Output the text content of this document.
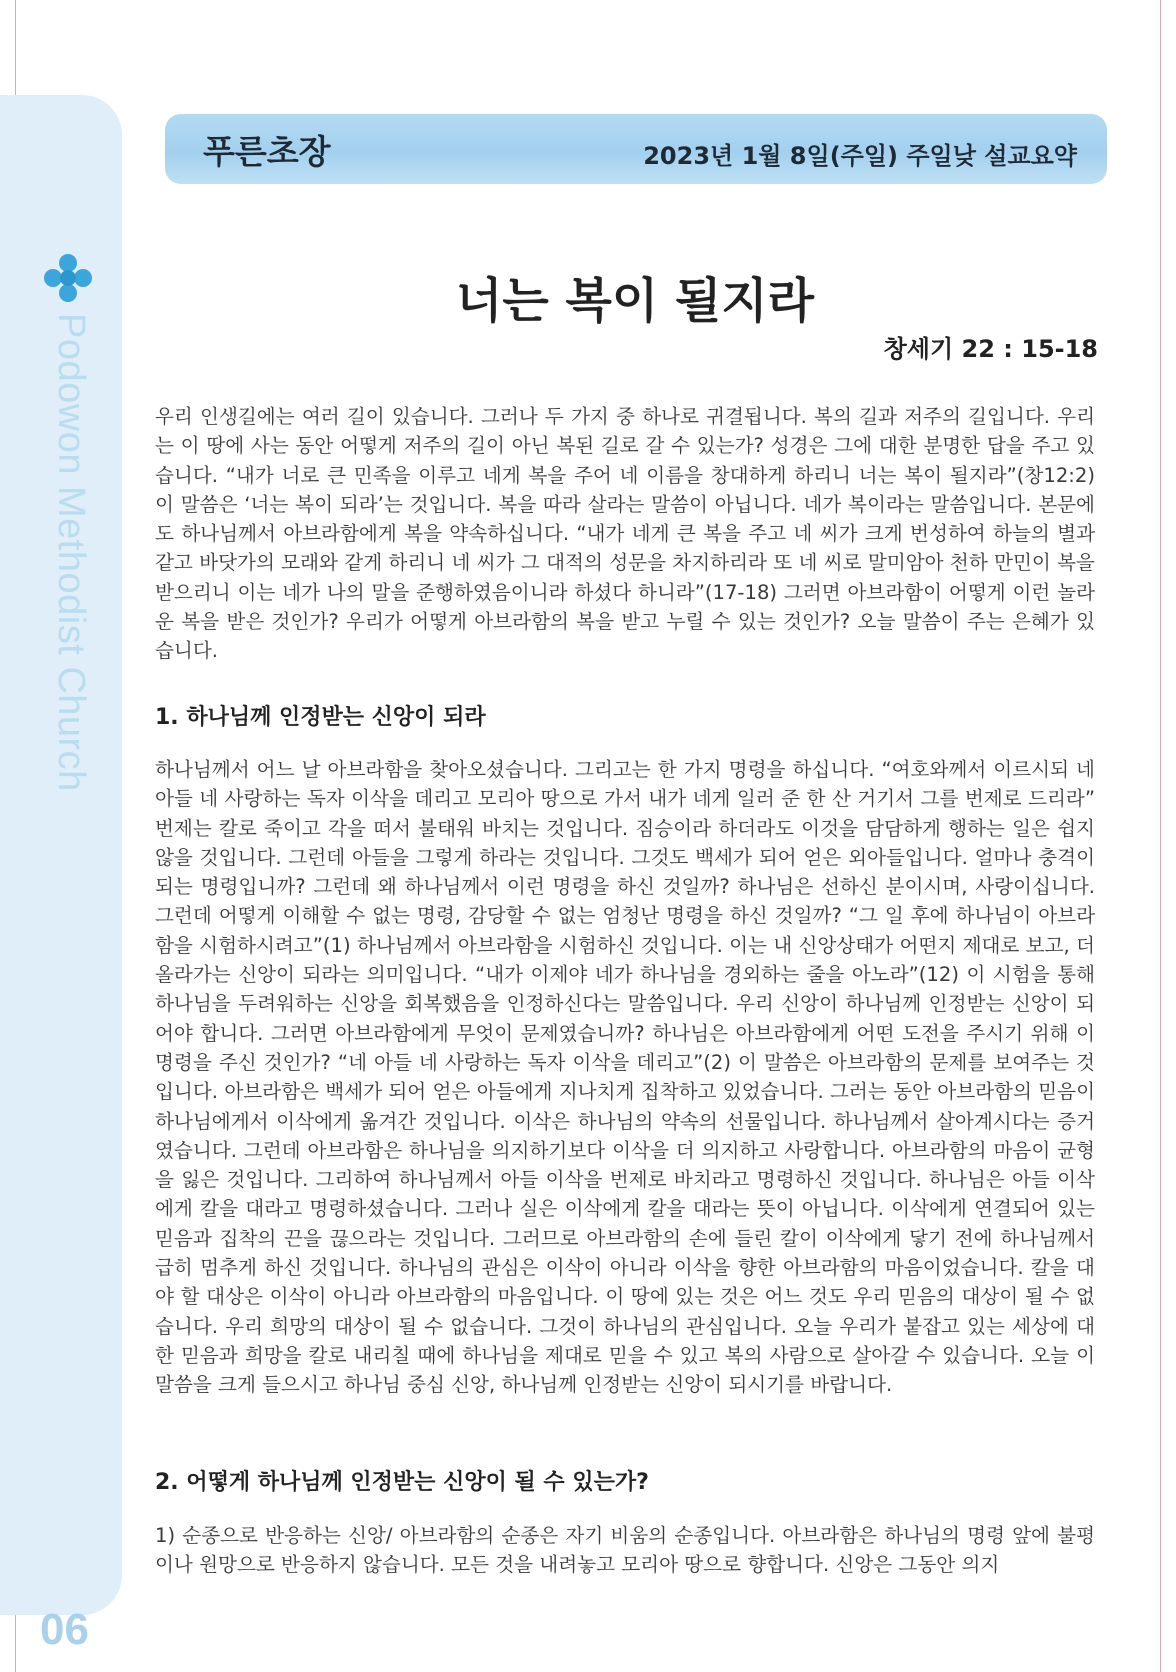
Podowon Methodist Church
06
푸른초장	2023년 1월 8일(주일) 주일낮 설교요약
너는 복이 될지라
창세기 22 : 15-18
우리 인생길에는 여러 길이 있습니다. 그러나 두 가지 중 하나로 귀결됩니다. 복의 길과 저주의 길입니다. 우리는 이 땅에 사는 동안 어떻게 저주의 길이 아닌 복된 길로 갈 수 있는가? 성경은 그에 대한 분명한 답을 주고 있습니다. “내가 너로 큰 민족을 이루고 네게 복을 주어 네 이름을 창대하게 하리니 너는 복이 될지라”(창12:2) 이 말씀은 ‘너는 복이 되라’는 것입니다. 복을 따라 살라는 말씀이 아닙니다. 네가 복이라는 말씀입니다. 본문에도 하나님께서 아브라함에게 복을 약속하십니다. “내가 네게 큰 복을 주고 네 씨가 크게 번성하여 하늘의 별과 같고 바닷가의 모래와 같게 하리니 네 씨가 그 대적의 성문을 차지하리라 또 네 씨로 말미암아 천하 만민이 복을 받으리니 이는 네가 나의 말을 준행하였음이니라 하셨다 하니라”(17-18) 그러면 아브라함이 어떻게 이런 놀라운 복을 받은 것인가? 우리가 어떻게 아브라함의 복을 받고 누릴 수 있는 것인가? 오늘 말씀이 주는 은혜가 있습니다.
1. 하나님께 인정받는 신앙이 되라
하나님께서 어느 날 아브라함을 찾아오셨습니다. 그리고는 한 가지 명령을 하십니다. “여호와께서 이르시되 네 아들 네 사랑하는 독자 이삭을 데리고 모리아 땅으로 가서 내가 네게 일러 준 한 산 거기서 그를 번제로 드리라” 번제는 칼로 죽이고 각을 떠서 불태워 바치는 것입니다. 짐승이라 하더라도 이것을 담담하게 행하는 일은 쉽지 않을 것입니다. 그런데 아들을 그렇게 하라는 것입니다. 그것도 백세가 되어 얻은 외아들입니다. 얼마나 충격이 되는 명령입니까? 그런데 왜 하나님께서 이런 명령을 하신 것일까? 하나님은 선하신 분이시며, 사랑이십니다. 그런데 어떻게 이해할 수 없는 명령, 감당할 수 없는 엄청난 명령을 하신 것일까? “그 일 후에 하나님이 아브라함을 시험하시려고”(1) 하나님께서 아브라함을 시험하신 것입니다. 이는 내 신앙상태가 어떤지 제대로 보고, 더 올라가는 신앙이 되라는 의미입니다. “내가 이제야 네가 하나님을 경외하는 줄을 아노라”(12) 이 시험을 통해 하나님을 두려워하는 신앙을 회복했음을 인정하신다는 말씀입니다. 우리 신앙이 하나님께 인정받는 신앙이 되어야 합니다. 그러면 아브라함에게 무엇이 문제였습니까? 하나님은 아브라함에게 어떤 도전을 주시기 위해 이 명령을 주신 것인가? “네 아들 네 사랑하는 독자 이삭을 데리고”(2) 이 말씀은 아브라함의 문제를 보여주는 것입니다. 아브라함은 백세가 되어 얻은 아들에게 지나치게 집착하고 있었습니다. 그러는 동안 아브라함의 믿음이 하나님에게서 이삭에게 옮겨간 것입니다. 이삭은 하나님의 약속의 선물입니다. 하나님께서 살아계시다는 증거였습니다. 그런데 아브라함은 하나님을 의지하기보다 이삭을 더 의지하고 사랑합니다. 아브라함의 마음이 균형을 잃은 것입니다. 그리하여 하나님께서 아들 이삭을 번제로 바치라고 명령하신 것입니다. 하나님은 아들 이삭에게 칼을 대라고 명령하셨습니다. 그러나 실은 이삭에게 칼을 대라는 뜻이 아닙니다. 이삭에게 연결되어 있는 믿음과 집착의 끈을 끊으라는 것입니다. 그러므로 아브라함의 손에 들린 칼이 이삭에게 닿기 전에 하나님께서 급히 멈추게 하신 것입니다. 하나님의 관심은 이삭이 아니라 이삭을 향한 아브라함의 마음이었습니다. 칼을 대야 할 대상은 이삭이 아니라 아브라함의 마음입니다. 이 땅에 있는 것은 어느 것도 우리 믿음의 대상이 될 수 없습니다. 우리 희망의 대상이 될 수 없습니다. 그것이 하나님의 관심입니다. 오늘 우리가 붙잡고 있는 세상에 대한 믿음과 희망을 칼로 내리칠 때에 하나님을 제대로 믿을 수 있고 복의 사람으로 살아갈 수 있습니다. 오늘 이 말씀을 크게 들으시고 하나님 중심 신앙, 하나님께 인정받는 신앙이 되시기를 바랍니다.
2. 어떻게 하나님께 인정받는 신앙이 될 수 있는가?
1) 순종으로 반응하는 신앙/ 아브라함의 순종은 자기 비움의 순종입니다. 아브라함은 하나님의 명령 앞에 불평이나 원망으로 반응하지 않습니다. 모든 것을 내려놓고 모리아 땅으로 향합니다. 신앙은 그동안 의지
